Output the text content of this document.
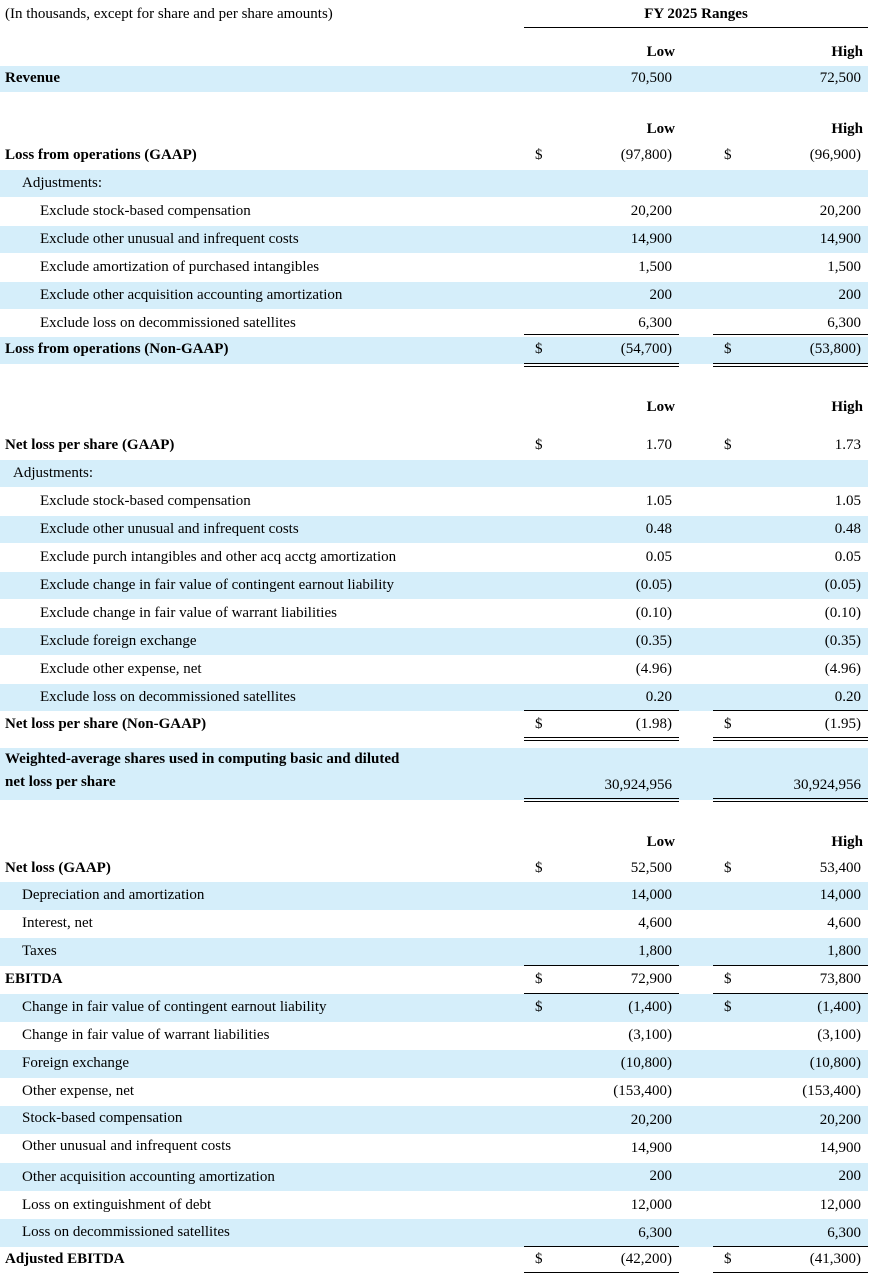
(In thousands, except for share and per share amounts)	FY 2025 Ranges
Low	High
Revenue	70,500	72,500
Low	High
Loss from operations (GAAP)	$	(97,800)	$	(96,900)
Adjustments:
Exclude stock-based compensation	20,200	20,200
Exclude other unusual and infrequent costs	14,900	14,900
Exclude amortization of purchased intangibles	1,500	1,500
Exclude other acquisition accounting amortization	200	200
Exclude loss on decommissioned satellites	6,300	6,300
Loss from operations (Non-GAAP)	$	(54,700)	$	(53,800)
Low	High
Net loss per share (GAAP)	$	1.70	$	1.73
Adjustments:
Exclude stock-based compensation	1.05	1.05
Exclude other unusual and infrequent costs	0.48	0.48
Exclude purch intangibles and other acq acctg amortization	0.05	0.05
Exclude change in fair value of contingent earnout liability	(0.05)	(0.05)
Exclude change in fair value of warrant liabilities	(0.10)	(0.10)
Exclude foreign exchange	(0.35)	(0.35)
Exclude other expense, net	(4.96)	(4.96)
Exclude loss on decommissioned satellites	0.20	0.20
Net loss per share (Non-GAAP)	$	(1.98)	$	(1.95)
Weighted-average shares used in computing basic and diluted
net loss per share	30,924,956	30,924,956
Low	High
Net loss (GAAP)	$	52,500	$	53,400
Depreciation and amortization	14,000	14,000
Interest, net	4,600	4,600
Taxes	1,800	1,800
EBITDA	$	72,900	$	73,800
Change in fair value of contingent earnout liability	$	(1,400)	$	(1,400)
Change in fair value of warrant liabilities	(3,100)	(3,100)
Foreign exchange	(10,800)	(10,800)
Other expense, net	(153,400)	(153,400)
Stock-based compensation	20,200	20,200
Other unusual and infrequent costs	14,900	14,900
Other acquisition accounting amortization	200	200
Loss on extinguishment of debt	12,000	12,000
Loss on decommissioned satellites	6,300	6,300
Adjusted EBITDA	$	(42,200)	$	(41,300)
